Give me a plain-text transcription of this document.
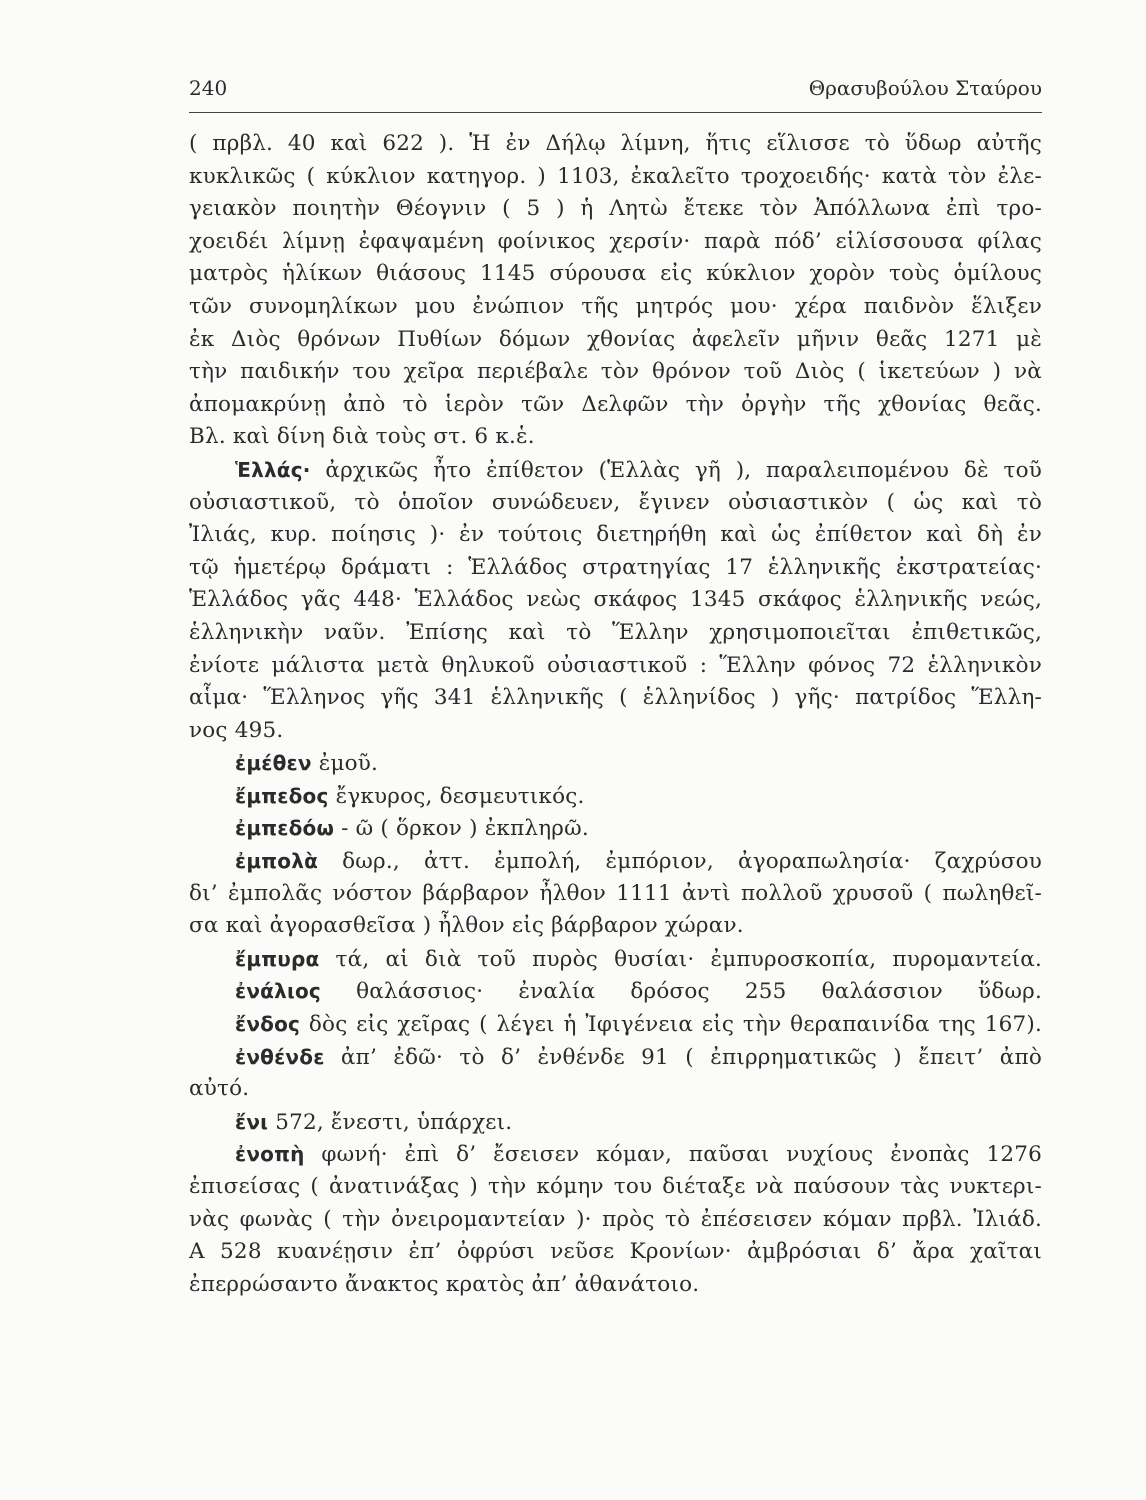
240	Θρασυβούλου Σταύρου
( πρβλ. 40 καὶ 622 ). Ἡ ἐν Δήλῳ λίμνη, ἥτις εἵλισσε τὸ ὕδωρ αὐτῆς
κυκλικῶς ( κύκλιον κατηγορ. ) 1103, ἐκαλεῖτο τροχοειδής· κατὰ τὸν ἐλε-
γειακὸν ποιητὴν Θέογνιν ( 5 ) ἡ Λητὼ ἔτεκε τὸν Ἀπόλλωνα ἐπὶ τρο-
χοειδέι λίμνῃ ἐφαψαμένη φοίνικος χερσίν· παρὰ πόδ’ εἱλίσσουσα φίλας
ματρὸς ἡλίκων θιάσους 1145 σύρουσα εἰς κύκλιον χορὸν τοὺς ὁμίλους
τῶν συνομηλίκων μου ἐνώπιον τῆς μητρός μου· χέρα παιδνὸν ἕλιξεν
ἐκ Διὸς θρόνων Πυθίων δόμων χθονίας ἀφελεῖν μῆνιν θεᾶς 1271 μὲ
τὴν παιδικήν του χεῖρα περιέβαλε τὸν θρόνον τοῦ Διὸς ( ἱκετεύων ) νὰ
ἀπομακρύνῃ ἀπὸ τὸ ἱερὸν τῶν Δελφῶν τὴν ὀργὴν τῆς χθονίας θεᾶς.
Βλ. καὶ δίνη διὰ τοὺς στ. 6 κ.ἑ.
Ἑλλάς· ἀρχικῶς ἦτο ἐπίθετον (Ἑλλὰς γῆ ), παραλειπομένου δὲ τοῦ
οὐσιαστικοῦ, τὸ ὁποῖον συνώδευεν, ἔγινεν οὐσιαστικὸν ( ὡς καὶ τὸ
Ἰλιάς, κυρ. ποίησις )· ἐν τούτοις διετηρήθη καὶ ὡς ἐπίθετον καὶ δὴ ἐν
τῷ ἡμετέρῳ δράματι : Ἑλλάδος στρατηγίας 17 ἑλληνικῆς ἐκστρατείας·
Ἑλλάδος γᾶς 448· Ἑλλάδος νεὼς σκάφος 1345 σκάφος ἑλληνικῆς νεώς,
ἑλληνικὴν ναῦν. Ἐπίσης καὶ τὸ Ἕλλην χρησιμοποιεῖται ἐπιθετικῶς,
ἐνίοτε μάλιστα μετὰ θηλυκοῦ οὐσιαστικοῦ : Ἕλλην φόνος 72 ἑλληνικὸν
αἷμα· Ἕλληνος γῆς 341 ἑλληνικῆς ( ἑλληνίδος ) γῆς· πατρίδος Ἕλλη-
νος 495.
ἐμέθεν ἐμοῦ.
ἔμπεδος ἔγκυρος, δεσμευτικός.
ἐμπεδόω - ῶ ( ὅρκον ) ἐκπληρῶ.
ἐμπολὰ δωρ., ἀττ. ἐμπολή, ἐμπόριον, ἀγοραπωλησία· ζαχρύσου
δι’ ἐμπολᾶς νόστον βάρβαρον ἦλθον 1111 ἀντὶ πολλοῦ χρυσοῦ ( πωληθεῖ-
σα καὶ ἀγορασθεῖσα ) ἦλθον εἰς βάρβαρον χώραν.
ἔμπυρα τά, αἱ διὰ τοῦ πυρὸς θυσίαι· ἐμπυροσκοπία, πυρομαντεία.
ἐνάλιος θαλάσσιος· ἐναλία δρόσος 255 θαλάσσιον ὕδωρ.
ἔνδος δὸς εἰς χεῖρας ( λέγει ἡ Ἰφιγένεια εἰς τὴν θεραπαινίδα της 167).
ἐνθένδε ἀπ’ ἐδῶ· τὸ δ’ ἐνθένδε 91 ( ἐπιρρηματικῶς ) ἔπειτ’ ἀπὸ
αὐτό.
ἔνι 572, ἔνεστι, ὑπάρχει.
ἐνοπὴ φωνή· ἐπὶ δ’ ἔσεισεν κόμαν, παῦσαι νυχίους ἐνοπὰς 1276
ἐπισείσας ( ἀνατινάξας ) τὴν κόμην του διέταξε νὰ παύσουν τὰς νυκτερι-
νὰς φωνὰς ( τὴν ὀνειρομαντείαν )· πρὸς τὸ ἐπέσεισεν κόμαν πρβλ. Ἰλιάδ.
Α 528 κυανέῃσιν ἐπ’ ὀφρύσι νεῦσε Κρονίων· ἀμβρόσιαι δ’ ἄρα χαῖται
ἐπερρώσαντο ἄνακτος κρατὸς ἀπ’ ἀθανάτοιο.
